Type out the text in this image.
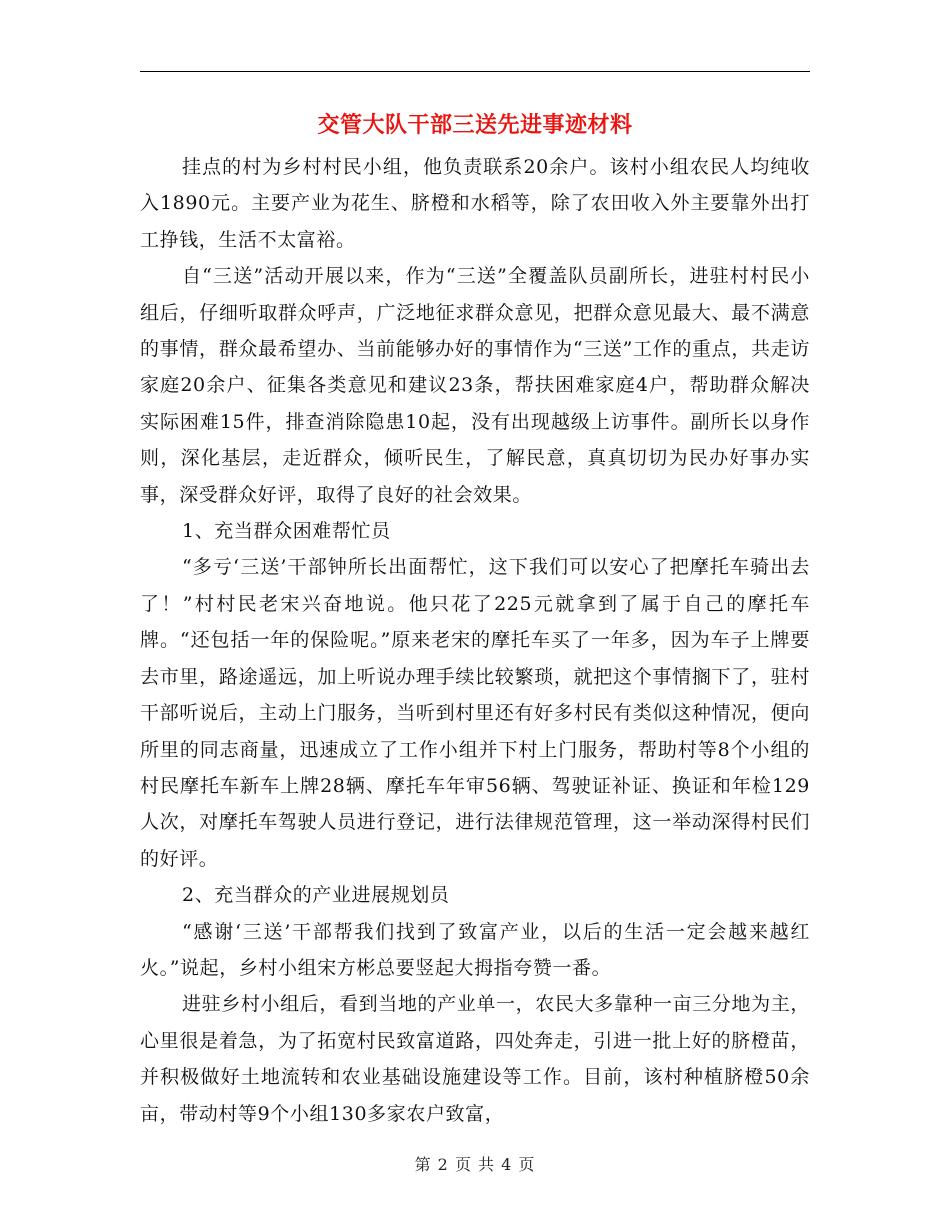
交管大队干部三送先进事迹材料

挂点的村为乡村村民小组，他负责联系20余户。该村小组农民人均纯收入1890元。主要产业为花生、脐橙和水稻等，除了农田收入外主要靠外出打工挣钱，生活不太富裕。

自“三送”活动开展以来，作为“三送”全覆盖队员副所长，进驻村村民小组后，仔细听取群众呼声，广泛地征求群众意见，把群众意见最大、最不满意的事情，群众最希望办、当前能够办好的事情作为“三送”工作的重点，共走访家庭20余户、征集各类意见和建议23条，帮扶困难家庭4户，帮助群众解决实际困难15件，排查消除隐患10起，没有出现越级上访事件。副所长以身作则，深化基层，走近群众，倾听民生，了解民意，真真切切为民办好事办实事，深受群众好评，取得了良好的社会效果。

1、充当群众困难帮忙员

“多亏‘三送’干部钟所长出面帮忙，这下我们可以安心了把摩托车骑出去了！”村村民老宋兴奋地说。他只花了225元就拿到了属于自己的摩托车牌。“还包括一年的保险呢。”原来老宋的摩托车买了一年多，因为车子上牌要去市里，路途遥远，加上听说办理手续比较繁琐，就把这个事情搁下了，驻村干部听说后，主动上门服务，当听到村里还有好多村民有类似这种情况，便向所里的同志商量，迅速成立了工作小组并下村上门服务，帮助村等8个小组的村民摩托车新车上牌28辆、摩托车年审56辆、驾驶证补证、换证和年检129人次，对摩托车驾驶人员进行登记，进行法律规范管理，这一举动深得村民们的好评。

2、充当群众的产业进展规划员

“感谢‘三送’干部帮我们找到了致富产业，以后的生活一定会越来越红火。”说起，乡村小组宋方彬总要竖起大拇指夸赞一番。

进驻乡村小组后，看到当地的产业单一，农民大多靠种一亩三分地为主，心里很是着急，为了拓宽村民致富道路，四处奔走，引进一批上好的脐橙苗，并积极做好土地流转和农业基础设施建设等工作。目前，该村种植脐橙50余亩，带动村等9个小组130多家农户致富，

第 2 页 共 4 页
